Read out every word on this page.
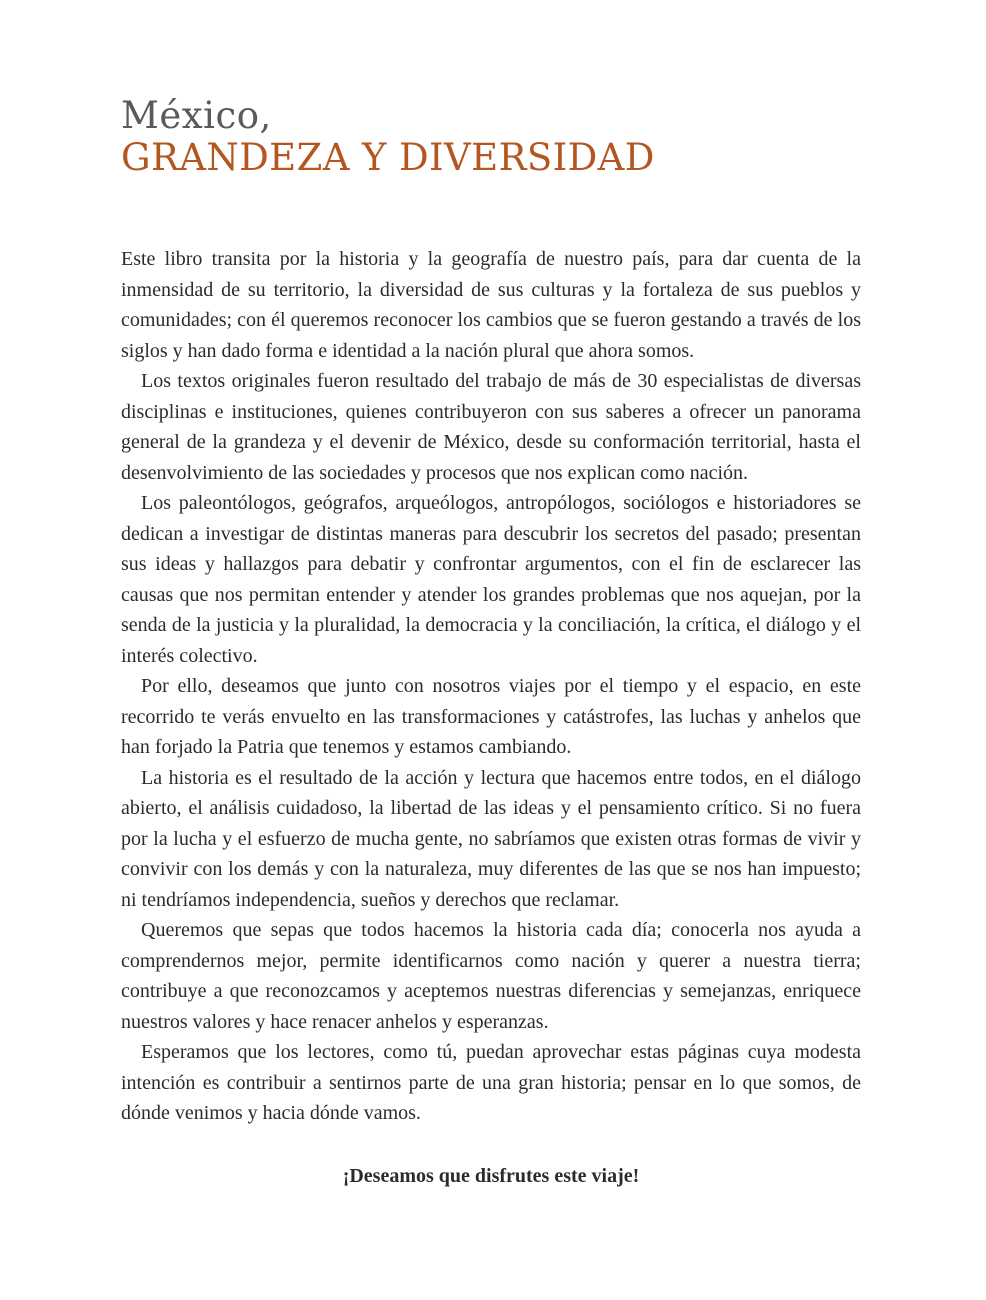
México,
GRANDEZA Y DIVERSIDAD

Este libro transita por la historia y la geografía de nuestro país, para dar cuenta de la inmensidad de su territorio, la diversidad de sus culturas y la fortaleza de sus pueblos y comunidades; con él queremos reconocer los cambios que se fueron gestando a través de los siglos y han dado forma e identidad a la nación plural que ahora somos.

Los textos originales fueron resultado del trabajo de más de 30 especialistas de diversas disciplinas e instituciones, quienes contribuyeron con sus saberes a ofrecer un panorama general de la grandeza y el devenir de México, desde su conformación territorial, hasta el desenvolvimiento de las sociedades y procesos que nos explican como nación.

Los paleontólogos, geógrafos, arqueólogos, antropólogos, sociólogos e historiadores se dedican a investigar de distintas maneras para descubrir los secretos del pasado; presentan sus ideas y hallazgos para debatir y confrontar argumentos, con el fin de esclarecer las causas que nos permitan entender y atender los grandes problemas que nos aquejan, por la senda de la justicia y la pluralidad, la democracia y la conciliación, la crítica, el diálogo y el interés colectivo.

Por ello, deseamos que junto con nosotros viajes por el tiempo y el espacio, en este recorrido te verás envuelto en las transformaciones y catástrofes, las luchas y anhelos que han forjado la Patria que tenemos y estamos cambiando.

La historia es el resultado de la acción y lectura que hacemos entre todos, en el diálogo abierto, el análisis cuidadoso, la libertad de las ideas y el pensamiento crítico. Si no fuera por la lucha y el esfuerzo de mucha gente, no sabríamos que existen otras formas de vivir y convivir con los demás y con la naturaleza, muy diferentes de las que se nos han impuesto; ni tendríamos independencia, sueños y derechos que reclamar.

Queremos que sepas que todos hacemos la historia cada día; conocerla nos ayuda a comprendernos mejor, permite identificarnos como nación y querer a nuestra tierra; contribuye a que reconozcamos y aceptemos nuestras diferencias y semejanzas, enriquece nuestros valores y hace renacer anhelos y esperanzas.

Esperamos que los lectores, como tú, puedan aprovechar estas páginas cuya modesta intención es contribuir a sentirnos parte de una gran historia; pensar en lo que somos, de dónde venimos y hacia dónde vamos.

¡Deseamos que disfrutes este viaje!
